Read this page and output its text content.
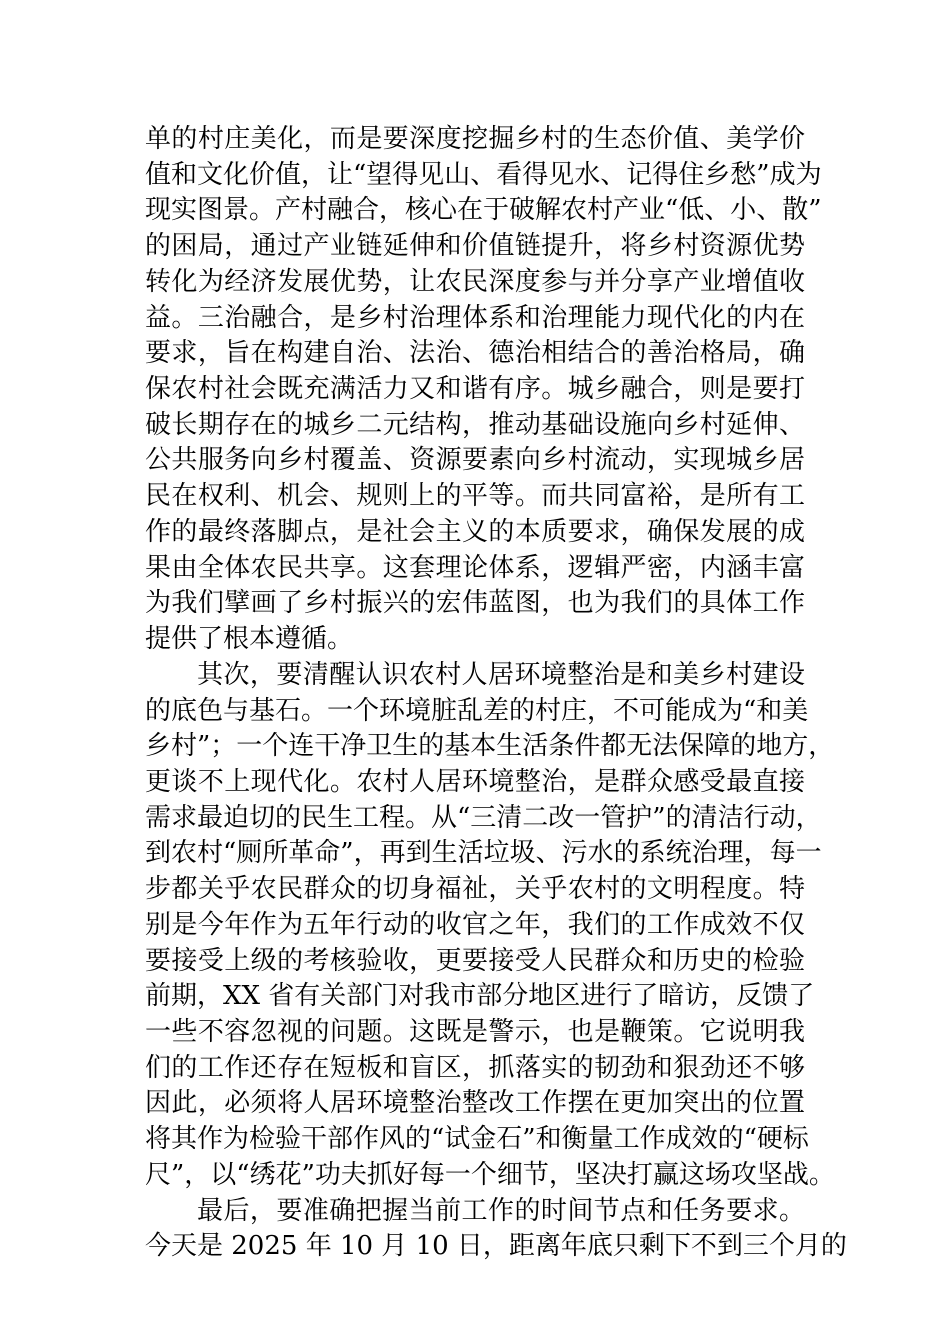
单的村庄美化，而是要深度挖掘乡村的生态价值、美学价
值和文化价值，让“望得见山、看得见水、记得住乡愁”成为
现实图景。产村融合，核心在于破解农村产业“低、小、散”
的困局，通过产业链延伸和价值链提升，将乡村资源优势
转化为经济发展优势，让农民深度参与并分享产业增值收
益。三治融合，是乡村治理体系和治理能力现代化的内在
要求，旨在构建自治、法治、德治相结合的善治格局，确
保农村社会既充满活力又和谐有序。城乡融合，则是要打
破长期存在的城乡二元结构，推动基础设施向乡村延伸、
公共服务向乡村覆盖、资源要素向乡村流动，实现城乡居
民在权利、机会、规则上的平等。而共同富裕，是所有工
作的最终落脚点，是社会主义的本质要求，确保发展的成
果由全体农民共享。这套理论体系，逻辑严密，内涵丰富
为我们擘画了乡村振兴的宏伟蓝图，也为我们的具体工作
提供了根本遵循。
其次，要清醒认识农村人居环境整治是和美乡村建设
的底色与基石。一个环境脏乱差的村庄，不可能成为“和美
乡村”；一个连干净卫生的基本生活条件都无法保障的地方，
更谈不上现代化。农村人居环境整治，是群众感受最直接
需求最迫切的民生工程。从“三清二改一管护”的清洁行动，
到农村“厕所革命”，再到生活垃圾、污水的系统治理，每一
步都关乎农民群众的切身福祉，关乎农村的文明程度。特
别是今年作为五年行动的收官之年，我们的工作成效不仅
要接受上级的考核验收，更要接受人民群众和历史的检验
前期，XX 省有关部门对我市部分地区进行了暗访，反馈了
一些不容忽视的问题。这既是警示，也是鞭策。它说明我
们的工作还存在短板和盲区，抓落实的韧劲和狠劲还不够
因此，必须将人居环境整治整改工作摆在更加突出的位置
将其作为检验干部作风的“试金石”和衡量工作成效的“硬标
尺”，以“绣花”功夫抓好每一个细节，坚决打赢这场攻坚战。
最后，要准确把握当前工作的时间节点和任务要求。
今天是 2025 年 10 月 10 日，距离年底只剩下不到三个月的
